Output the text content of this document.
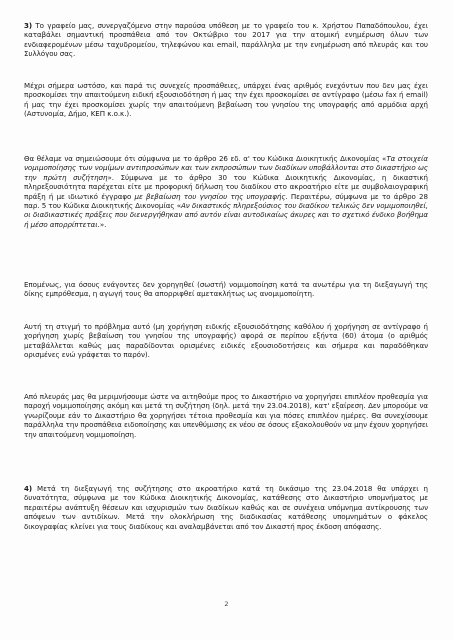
3) Το γραφείο μας, συνεργαζόμενο στην παρούσα υπόθεση με το γραφείο του κ. Χρήστου Παπαδόπουλου, έχει καταβάλει σημαντική προσπάθεια από τον Οκτώβριο του 2017 για την ατομική ενημέρωση όλων των ενδιαφερομένων μέσω ταχυδρομείου, τηλεφώνου και email, παράλληλα με την ενημέρωση από πλευράς και του Συλλόγου σας.
Μέχρι σήμερα ωστόσο, και παρά τις συνεχείς προσπάθειες, υπάρχει ένας αριθμός ενεχόντων που δεν μας έχει προσκομίσει την απαιτούμενη ειδική εξουσιοδότηση ή μας την έχει προσκομίσει σε αντίγραφο (μέσω fax ή email) ή μας την έχει προσκομίσει χωρίς την απαιτούμενη βεβαίωση του γνησίου της υπογραφής από αρμόδια αρχή (Αστυνομία, Δήμο, ΚΕΠ κ.ο.κ.).
Θα θέλαμε να σημειώσουμε ότι σύμφωνα με το άρθρο 26 εδ. α' του Κώδικα Διοικητικής Δικονομίας «Τα στοιχεία νομιμοποίησης των νομίμων αντιπροσώπων και των εκπροσώπων των διαδίκων υποβάλλονται στο δικαστήριο ως την πρώτη συζήτηση». Σύμφωνα με το άρθρο 30 του Κώδικα Διοικητικής Δικονομίας, η δικαστική πληρεξουσιότητα παρέχεται είτε με προφορική δήλωση του διαδίκου στο ακροατήριο είτε με συμβολαιογραφική πράξη ή με ιδιωτικό έγγραφο με βεβαίωση του γνησίου της υπογραφής. Περαιτέρω, σύμφωνα με το άρθρο 28 παρ. 5 του Κώδικα Διοικητικής Δικονομίας «Αν δικαστικός πληρεξούσιος του διαδίκου τελικώς δεν νομιμοποιηθεί, οι διαδικαστικές πράξεις που διενεργήθηκαν από αυτόν είναι αυτοδικαίως άκυρες και το σχετικό ένδικο βοήθημα ή μέσο απορρίπτεται.».
Επομένως, για όσους ενάγοντες δεν χορηγηθεί (σωστή) νομιμοποίηση κατά τα ανωτέρω για τη διεξαγωγή της δίκης εμπρόθεσμα, η αγωγή τους θα απορριφθεί αμετακλήτως ως ανομιμοποίητη.
Αυτή τη στιγμή το πρόβλημα αυτό (μη χορήγηση ειδικής εξουσιοδότησης καθόλου ή χορήγηση σε αντίγραφο ή χορήγηση χωρίς βεβαίωση του γνησίου της υπογραφής) αφορά σε περίπου εξήντα (60) άτομα (ο αριθμός μεταβάλλεται καθώς μας παραδίδονται ορισμένες ειδικές εξουσιοδοτήσεις και σήμερα και παραδόθηκαν ορισμένες ενώ γράφεται το παρόν).
Από πλευράς μας θα μεριμνήσουμε ώστε να αιτηθούμε προς το Δικαστήριο να χορηγήσει επιπλέον προθεσμία για παροχή νομιμοποίησης ακόμη και μετά τη συζήτηση (δηλ. μετά την 23.04.2018), κατ' εξαίρεση. Δεν μπορούμε να γνωρίζουμε εάν το Δικαστήριο θα χορηγήσει τέτοια προθεσμία και για πόσες επιπλέον ημέρες. Θα συνεχίσουμε παράλληλα την προσπάθεια ειδοποίησης και υπενθύμισης εκ νέου σε όσους εξακολουθούν να μην έχουν χορηγήσει την απαιτούμενη νομιμοποίηση.
4) Μετά τη διεξαγωγή της συζήτησης στο ακροατήριο κατά τη δικάσιμο της 23.04.2018 θα υπάρχει η δυνατότητα, σύμφωνα με τον Κώδικα Διοικητικής Δικονομίας, κατάθεσης στο Δικαστήριο υπομνήματος με περαιτέρω ανάπτυξη θέσεων και ισχυρισμών των διαδίκων καθώς και σε συνέχεια υπόμνημα αντίκρουσης των απόψεων των αντιδίκων. Μετά την ολοκλήρωση της διαδικασίας κατάθεσης υπομνημάτων ο φάκελος δικογραφίας κλείνει για τους διαδίκους και αναλαμβάνεται από τον Δικαστή προς έκδοση απόφασης.
2
